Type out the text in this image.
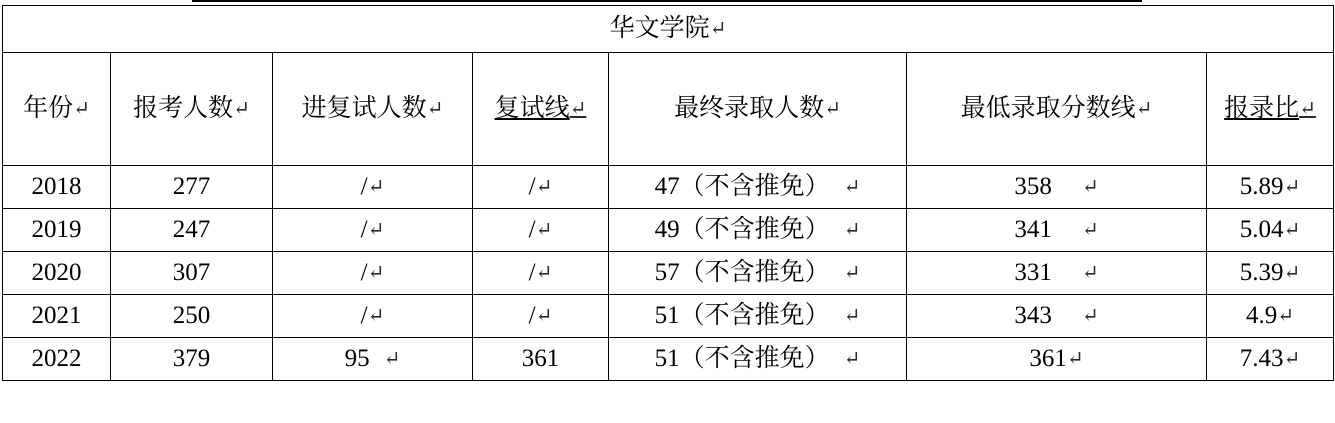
华文学院↵						
年份↵	报考人数↵	进复试人数↵	复试线↵	最终录取人数↵	最低录取分数线↵	报录比↵
2018	277	/↵	/↵	47（不含推免） ↵	358 ↵	5.89↵
2019	247	/↵	/↵	49（不含推免） ↵	341 ↵	5.04↵
2020	307	/↵	/↵	57（不含推免） ↵	331 ↵	5.39↵
2021	250	/↵	/↵	51（不含推免） ↵	343 ↵	4.9↵
2022	379	95 ↵	361	51（不含推免） ↵	361↵	7.43↵
